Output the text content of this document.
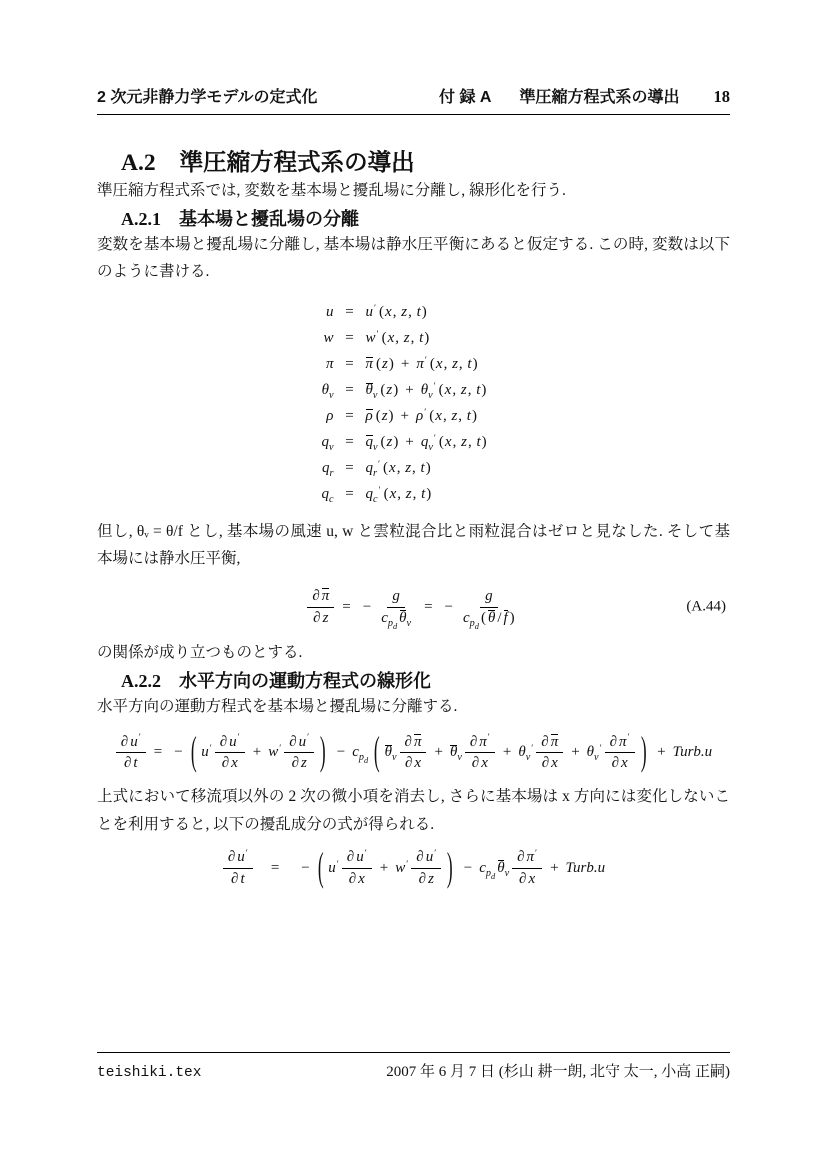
2 次元非静力学モデルの定式化	付 録 A 準圧縮方程式系の導出 18
A.2 準圧縮方程式系の導出

準圧縮方程式系では, 変数を基本場と擾乱場に分離し, 線形化を行う.

A.2.1 基本場と擾乱場の分離

変数を基本場と擾乱場に分離し, 基本場は静水圧平衡にあると仮定する. この時, 変数は以下のように書ける.

u = u′ (x, z, t)
w = w′ (x, z, t)
π = π (z) + π′ (x, z, t)
$\theta_v = \theta_v$ $(z) + \theta_v'$ (x, z, t)
ρ = ρ (z) + ρ′ (x, z, t)
$q_v = q_v$ $(z) + q_v'$ (x, z, t)
$q_r = q_r'$ (x, z, t)
$q_c = q_c'$ (x, z, t)

但し, θᵥ = θ/f とし, 基本場の風速 u, w と雲粒混合比と雨粒混合はゼロと見なした. そして基本場には静水圧平衡,

$\frac{\partial \pi}{\partial z}$ = − $\frac{g}{c_{p_d}\theta_v}$ = − $\frac{g}{c_{p_d}( \theta / f )}$	(A.44)

の関係が成り立つものとする.

A.2.2 水平方向の運動方程式の線形化

水平方向の運動方程式を基本場と擾乱場に分離する.

$\frac{\partial u'}{\partial t}$ = − ( $u' \frac{\partial u'}{\partial x} + w' \frac{\partial u'}{\partial z}$ ) − $c_{p_d}$ ( $\theta_v \frac{\partial \pi}{\partial x} + \theta_v \frac{\partial \pi'}{\partial x} + \theta_v' \frac{\partial \pi}{\partial x} + \theta_v' \frac{\partial \pi'}{\partial x}$ ) + Turb.u

上式において移流項以外の 2 次の微小項を消去し, さらに基本場は x 方向には変化しないことを利用すると, 以下の擾乱成分の式が得られる.

$\frac{\partial u'}{\partial t}$ = − ( $u' \frac{\partial u'}{\partial x} + w' \frac{\partial u'}{\partial z}$ ) − $c_{p_d}$
$\theta_v \frac{\partial \pi'}{\partial x}$ + Turb.u
teishiki.tex	2007 年 6 月 7 日 (杉山 耕一朗, 北守 太一, 小高 正嗣)
